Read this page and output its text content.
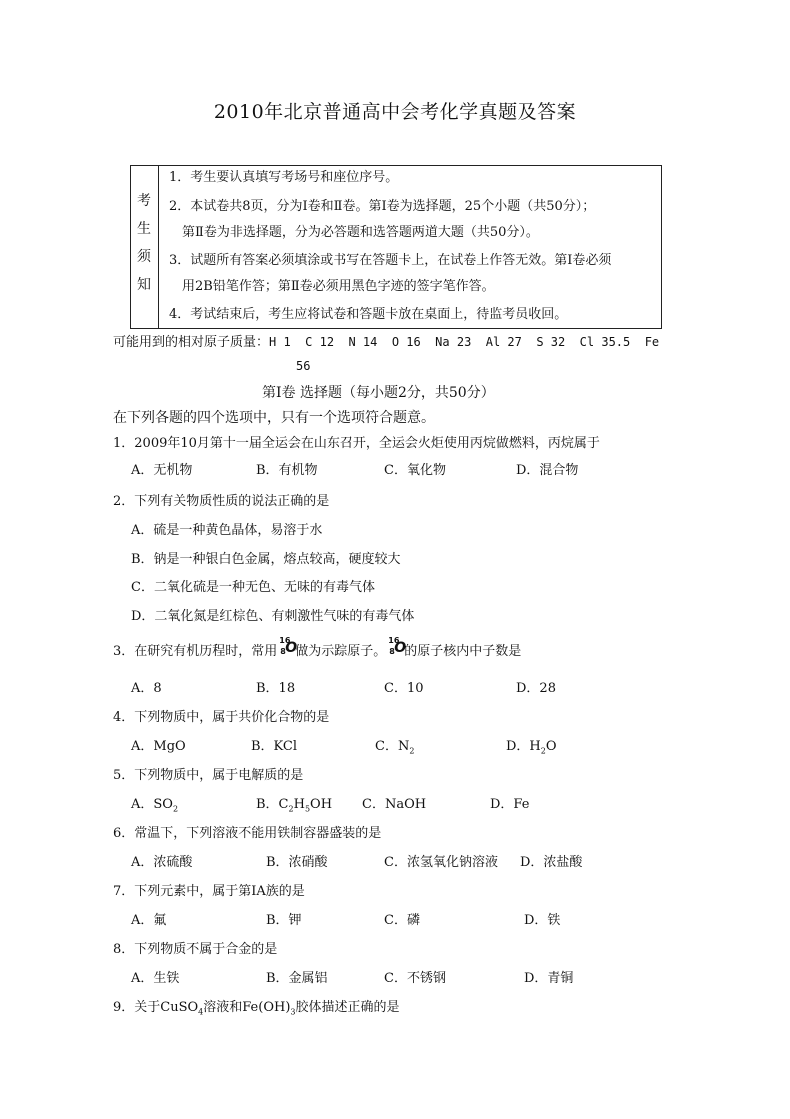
2010年北京普通高中会考化学真题及答案
考
生
须
知
1．考生要认真填写考场号和座位序号。
2．本试卷共8页，分为Ⅰ卷和Ⅱ卷。第Ⅰ卷为选择题，25个小题（共50分）；
　第Ⅱ卷为非选择题，分为必答题和选答题两道大题（共50分）。
3．试题所有答案必须填涂或书写在答题卡上，在试卷上作答无效。第Ⅰ卷必须
　用2B铅笔作答；第Ⅱ卷必须用黑色字迹的签字笔作答。
4．考试结束后，考生应将试卷和答题卡放在桌面上，待监考员收回。
可能用到的相对原子质量：H 1  C 12  N 14  O 16  Na 23  Al 27  S 32  Cl 35.5  Fe
56
第Ⅰ卷 选择题（每小题2分，共50分）
在下列各题的四个选项中，只有一个选项符合题意。
1．2009年10月第十一届全运会在山东召开，全运会火炬使用丙烷做燃料，丙烷属于
A．无机物	B．有机物	C．氧化物	D．混合物
2．下列有关物质性质的说法正确的是
A．硫是一种黄色晶体，易溶于水
B．钠是一种银白色金属，熔点较高，硬度较大
C．二氧化硫是一种无色、无味的有毒气体
D．二氧化氮是红棕色、有刺激性气味的有毒气体
3．在研究有机历程时，常用
16
8 O
做为示踪原子。
16
8 O
的原子核内中子数是
A．8	B．18	C．10	D．28
4．下列物质中，属于共价化合物的是
A．MgO	B．KCl	C．$N_2$	D．$H_2O$
5．下列物质中，属于电解质的是
A．$SO_2$	B．$C_2H_5OH$ C．NaOH	D．Fe
6．常温下，下列溶液不能用铁制容器盛装的是
A．浓硫酸	B．浓硝酸	C．浓氢氧化钠溶液 D．浓盐酸
7．下列元素中，属于第ⅠA族的是
A．氟	B．钾	C．磷	D．铁
8．下列物质不属于合金的是
A．生铁	B．金属铝	C．不锈钢	D．青铜
9．关于CuSO$_4$溶液和$Fe(OH)_3$胶体描述正确的是
